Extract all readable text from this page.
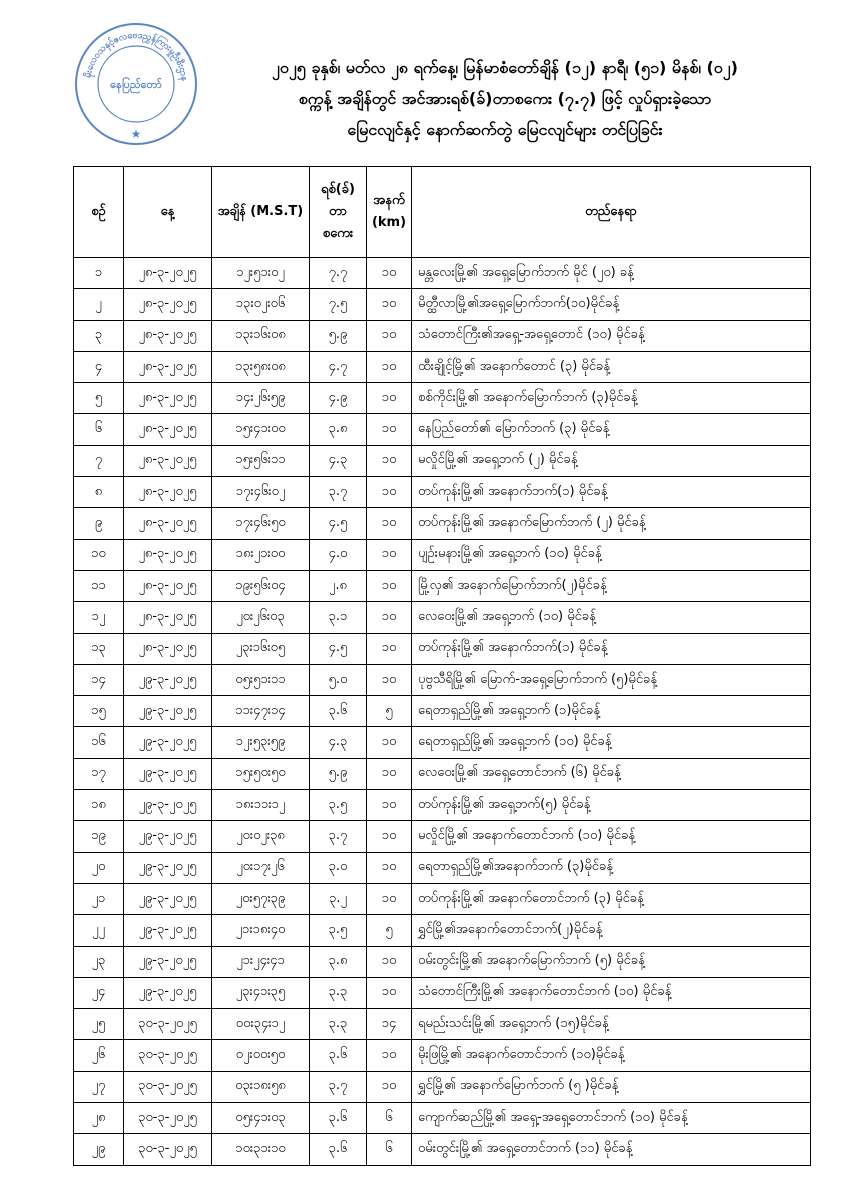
မိုးလေဝသနှင့်ဇလဗေဒညွှန်ကြားမှုဦးစီးဌာန
နေပြည်တော်
★
၂၀၂၅ ခုနှစ်၊ မတ်လ ၂၈ ရက်နေ့၊ မြန်မာစံတော်ချိန် (၁၂) နာရီ၊ (၅၁) မိနစ်၊ (၀၂)
စက္ကန့် အချိန်တွင် အင်အားရစ်(ခ်)တာစကေး (၇.၇) ဖြင့် လှုပ်ရှားခဲ့သော
မြေငလျင်နှင့် နောက်ဆက်တွဲ မြေငလျင်များ တင်ပြခြင်း
စဉ်	နေ့	အချိန် (M.S.T)	ရစ်(ခ်)
တာ
စကေး	အနက်
(km)	တည်နေရာ
၁	၂၈-၃-၂၀၂၅	၁၂း၅၁း၀၂	၇.၇	၁၀	မန္တလေးမြို့၏ အရှေ့မြောက်ဘက် မိုင် (၂၀) ခန့်
၂	၂၈-၃-၂၀၂၅	၁၃း၀၂း၀၆	၇.၅	၁၀	မိတ္ထီလာမြို့၏အရှေ့မြောက်ဘက်(၁၀)မိုင်ခန့်
၃	၂၈-၃-၂၀၂၅	၁၃း၁၆း၀၈	၅.၉	၁၀	သံတောင်ကြီး၏အရှေ့-အရှေ့တောင် (၁၀) မိုင်ခန့်
၄	၂၈-၃-၂၀၂၅	၁၃း၅၈း၀၈	၄.၇	၁၀	ထီးချိုင့်မြို့၏ အနောက်တောင် (၃) မိုင်ခန့်
၅	၂၈-၃-၂၀၂၅	၁၄း၂၆း၅၉	၄.၉	၁၀	စစ်ကိုင်းမြို့၏ အနောက်မြောက်ဘက် (၃)မိုင်ခန့်
၆	၂၈-၃-၂၀၂၅	၁၅း၄၁း၀၀	၃.၈	၁၀	နေပြည်တော်၏ မြောက်ဘက် (၃) မိုင်ခန့်
၇	၂၈-၃-၂၀၂၅	၁၅း၅၆း၁၁	၄.၃	၁၀	မလှိုင်မြို့၏ အရှေ့ဘက် (၂) မိုင်ခန့်
၈	၂၈-၃-၂၀၂၅	၁၇း၄၆း၀၂	၃.၇	၁၀	တပ်ကုန်းမြို့၏ အနောက်ဘက်(၁) မိုင်ခန့်
၉	၂၈-၃-၂၀၂၅	၁၇း၄၆း၅၀	၄.၅	၁၀	တပ်ကုန်းမြို့၏ အနောက်မြောက်ဘက် (၂) မိုင်ခန့်
၁၀	၂၈-၃-၂၀၂၅	၁၈း၂၁း၀၀	၄.၀	၁၀	ပျဉ်းမနားမြို့၏ အရှေ့ဘက် (၁၀) မိုင်ခန့်
၁၁	၂၈-၃-၂၀၂၅	၁၉း၅၆း၀၄	၂.၈	၁၀	မြို့လှ၏ အနောက်မြောက်ဘက်(၂)မိုင်ခန့်
၁၂	၂၈-၃-၂၀၂၅	၂၀း၂၆း၀၃	၃.၁	၁၀	လေဝေးမြို့၏ အရှေ့ဘက် (၁၀) မိုင်ခန့်
၁၃	၂၈-၃-၂၀၂၅	၂၃း၁၆း၀၅	၄.၅	၁၀	တပ်ကုန်းမြို့၏ အနောက်ဘက်(၁) မိုင်ခန့်
၁၄	၂၉-၃-၂၀၂၅	၀၅း၅၁း၁၁	၅.၀	၁၀	ပုဗ္ဗသီရိမြို့၏ မြောက်-အရှေ့မြောက်ဘက် (၅)မိုင်ခန့်
၁၅	၂၉-၃-၂၀၂၅	၁၁း၄၇း၁၄	၃.၆	၅	ရေတာရှည်မြို့၏ အရှေ့ဘက် (၁)မိုင်ခန့်
၁၆	၂၉-၃-၂၀၂၅	၁၂း၅၃း၅၉	၄.၃	၁၀	ရေတာရှည်မြို့၏ အရှေ့ဘက် (၁၀) မိုင်ခန့်
၁၇	၂၉-၃-၂၀၂၅	၁၅း၅၀း၅၀	၅.၉	၁၀	လေဝေးမြို့၏ အရှေ့တောင်ဘက် (၆) မိုင်ခန့်
၁၈	၂၉-၃-၂၀၂၅	၁၈း၁၁း၁၂	၃.၅	၁၀	တပ်ကုန်းမြို့၏ အရှေ့ဘက်(၅) မိုင်ခန့်
၁၉	၂၉-၃-၂၀၂၅	၂၀း၀၂း၃၈	၃.၇	၁၀	မလှိုင်မြို့၏ အနောက်တောင်ဘက် (၁၀) မိုင်ခန့်
၂၀	၂၉-၃-၂၀၂၅	၂၀း၁၇း၂၆	၃.၀	၁၀	ရေတာရှည်မြို့၏အနောက်ဘက် (၃)မိုင်ခန့်
၂၁	၂၉-၃-၂၀၂၅	၂၀း၅၇း၃၉	၃.၂	၁၀	တပ်ကုန်းမြို့၏ အနောက်တောင်ဘက် (၃) မိုင်ခန့်
၂၂	၂၉-၃-၂၀၂၅	၂၁း၁၈း၄၀	၃.၅	၅	ရွှင်မြို့၏အနောက်တောင်ဘက်(၂)မိုင်ခန့်
၂၃	၂၉-၃-၂၀၂၅	၂၁း၂၄း၄၁	၃.၈	၁၀	ဝမ်းတွင်းမြို့၏ အနောက်မြောက်ဘက် (၅) မိုင်ခန့်
၂၄	၂၉-၃-၂၀၂၅	၂၃း၄၁း၃၅	၃.၃	၁၀	သံတောင်ကြီးမြို့၏ အနောက်တောင်ဘက် (၁၀) မိုင်ခန့်
၂၅	၃၀-၃-၂၀၂၅	၀၀း၃၄း၁၂	၃.၃	၁၄	ရမည်းသင်းမြို့၏ အရှေ့ဘက် (၁၅)မိုင်ခန့်
၂၆	၃၀-၃-၂၀၂၅	၀၂း၀၀း၅၀	၃.၆	၁၀	မိုးဖြမြို့၏ အနောက်တောင်ဘက် (၁၀)မိုင်ခန့်
၂၇	၃၀-၃-၂၀၂၅	၀၃း၁၈း၅၈	၃.၇	၁၀	ရွှင်မြို့၏ အနောက်မြောက်ဘက် (၅ )မိုင်ခန့်
၂၈	၃၀-၃-၂၀၂၅	၀၅း၄၁း၀၃	၃.၆	၆	ကျောက်ဆည်မြို့၏ အရှေ့-အရှေ့တောင်ဘက် (၁၀) မိုင်ခန့်
၂၉	၃၀-၃-၂၀၂၅	၁၀း၃၁း၁၀	၃.၆	၆	ဝမ်းတွင်းမြို့၏ အရှေ့တောင်ဘက် (၁၁) မိုင်ခန့်
